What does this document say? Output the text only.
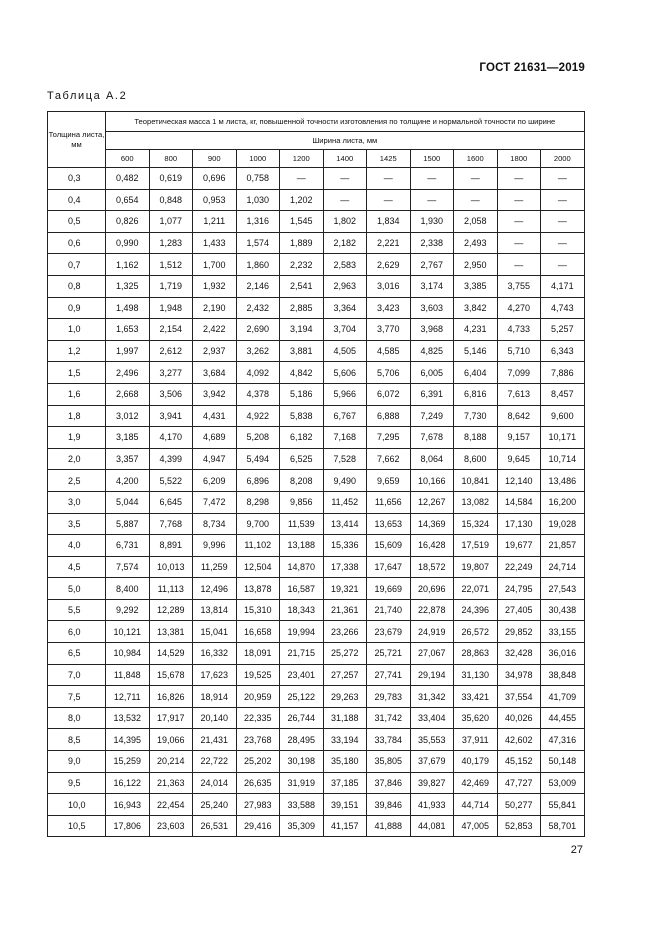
ГОСТ 21631—2019
Таблица А.2
Толщина листа, мм	Теоретическая масса 1 м листа, кг, повышенной точности изготовления по толщине и нормальной точности по ширине										
	Ширина листа, мм										
	600	800	900	1000	1200	1400	1425	1500	1600	1800	2000
0,3	0,482	0,619	0,696	0,758	—	—	—	—	—	—	—
0,4	0,654	0,848	0,953	1,030	1,202	—	—	—	—	—	—
0,5	0,826	1,077	1,211	1,316	1,545	1,802	1,834	1,930	2,058	—	—
0,6	0,990	1,283	1,433	1,574	1,889	2,182	2,221	2,338	2,493	—	—
0,7	1,162	1,512	1,700	1,860	2,232	2,583	2,629	2,767	2,950	—	—
0,8	1,325	1,719	1,932	2,146	2,541	2,963	3,016	3,174	3,385	3,755	4,171
0,9	1,498	1,948	2,190	2,432	2,885	3,364	3,423	3,603	3,842	4,270	4,743
1,0	1,653	2,154	2,422	2,690	3,194	3,704	3,770	3,968	4,231	4,733	5,257
1,2	1,997	2,612	2,937	3,262	3,881	4,505	4,585	4,825	5,146	5,710	6,343
1,5	2,496	3,277	3,684	4,092	4,842	5,606	5,706	6,005	6,404	7,099	7,886
1,6	2,668	3,506	3,942	4,378	5,186	5,966	6,072	6,391	6,816	7,613	8,457
1,8	3,012	3,941	4,431	4,922	5,838	6,767	6,888	7,249	7,730	8,642	9,600
1,9	3,185	4,170	4,689	5,208	6,182	7,168	7,295	7,678	8,188	9,157	10,171
2,0	3,357	4,399	4,947	5,494	6,525	7,528	7,662	8,064	8,600	9,645	10,714
2,5	4,200	5,522	6,209	6,896	8,208	9,490	9,659	10,166	10,841	12,140	13,486
3,0	5,044	6,645	7,472	8,298	9,856	11,452	11,656	12,267	13,082	14,584	16,200
3,5	5,887	7,768	8,734	9,700	11,539	13,414	13,653	14,369	15,324	17,130	19,028
4,0	6,731	8,891	9,996	11,102	13,188	15,336	15,609	16,428	17,519	19,677	21,857
4,5	7,574	10,013	11,259	12,504	14,870	17,338	17,647	18,572	19,807	22,249	24,714
5,0	8,400	11,113	12,496	13,878	16,587	19,321	19,669	20,696	22,071	24,795	27,543
5,5	9,292	12,289	13,814	15,310	18,343	21,361	21,740	22,878	24,396	27,405	30,438
6,0	10,121	13,381	15,041	16,658	19,994	23,266	23,679	24,919	26,572	29,852	33,155
6,5	10,984	14,529	16,332	18,091	21,715	25,272	25,721	27,067	28,863	32,428	36,016
7,0	11,848	15,678	17,623	19,525	23,401	27,257	27,741	29,194	31,130	34,978	38,848
7,5	12,711	16,826	18,914	20,959	25,122	29,263	29,783	31,342	33,421	37,554	41,709
8,0	13,532	17,917	20,140	22,335	26,744	31,188	31,742	33,404	35,620	40,026	44,455
8,5	14,395	19,066	21,431	23,768	28,495	33,194	33,784	35,553	37,911	42,602	47,316
9,0	15,259	20,214	22,722	25,202	30,198	35,180	35,805	37,679	40,179	45,152	50,148
9,5	16,122	21,363	24,014	26,635	31,919	37,185	37,846	39,827	42,469	47,727	53,009
10,0	16,943	22,454	25,240	27,983	33,588	39,151	39,846	41,933	44,714	50,277	55,841
10,5	17,806	23,603	26,531	29,416	35,309	41,157	41,888	44,081	47,005	52,853	58,701
27
